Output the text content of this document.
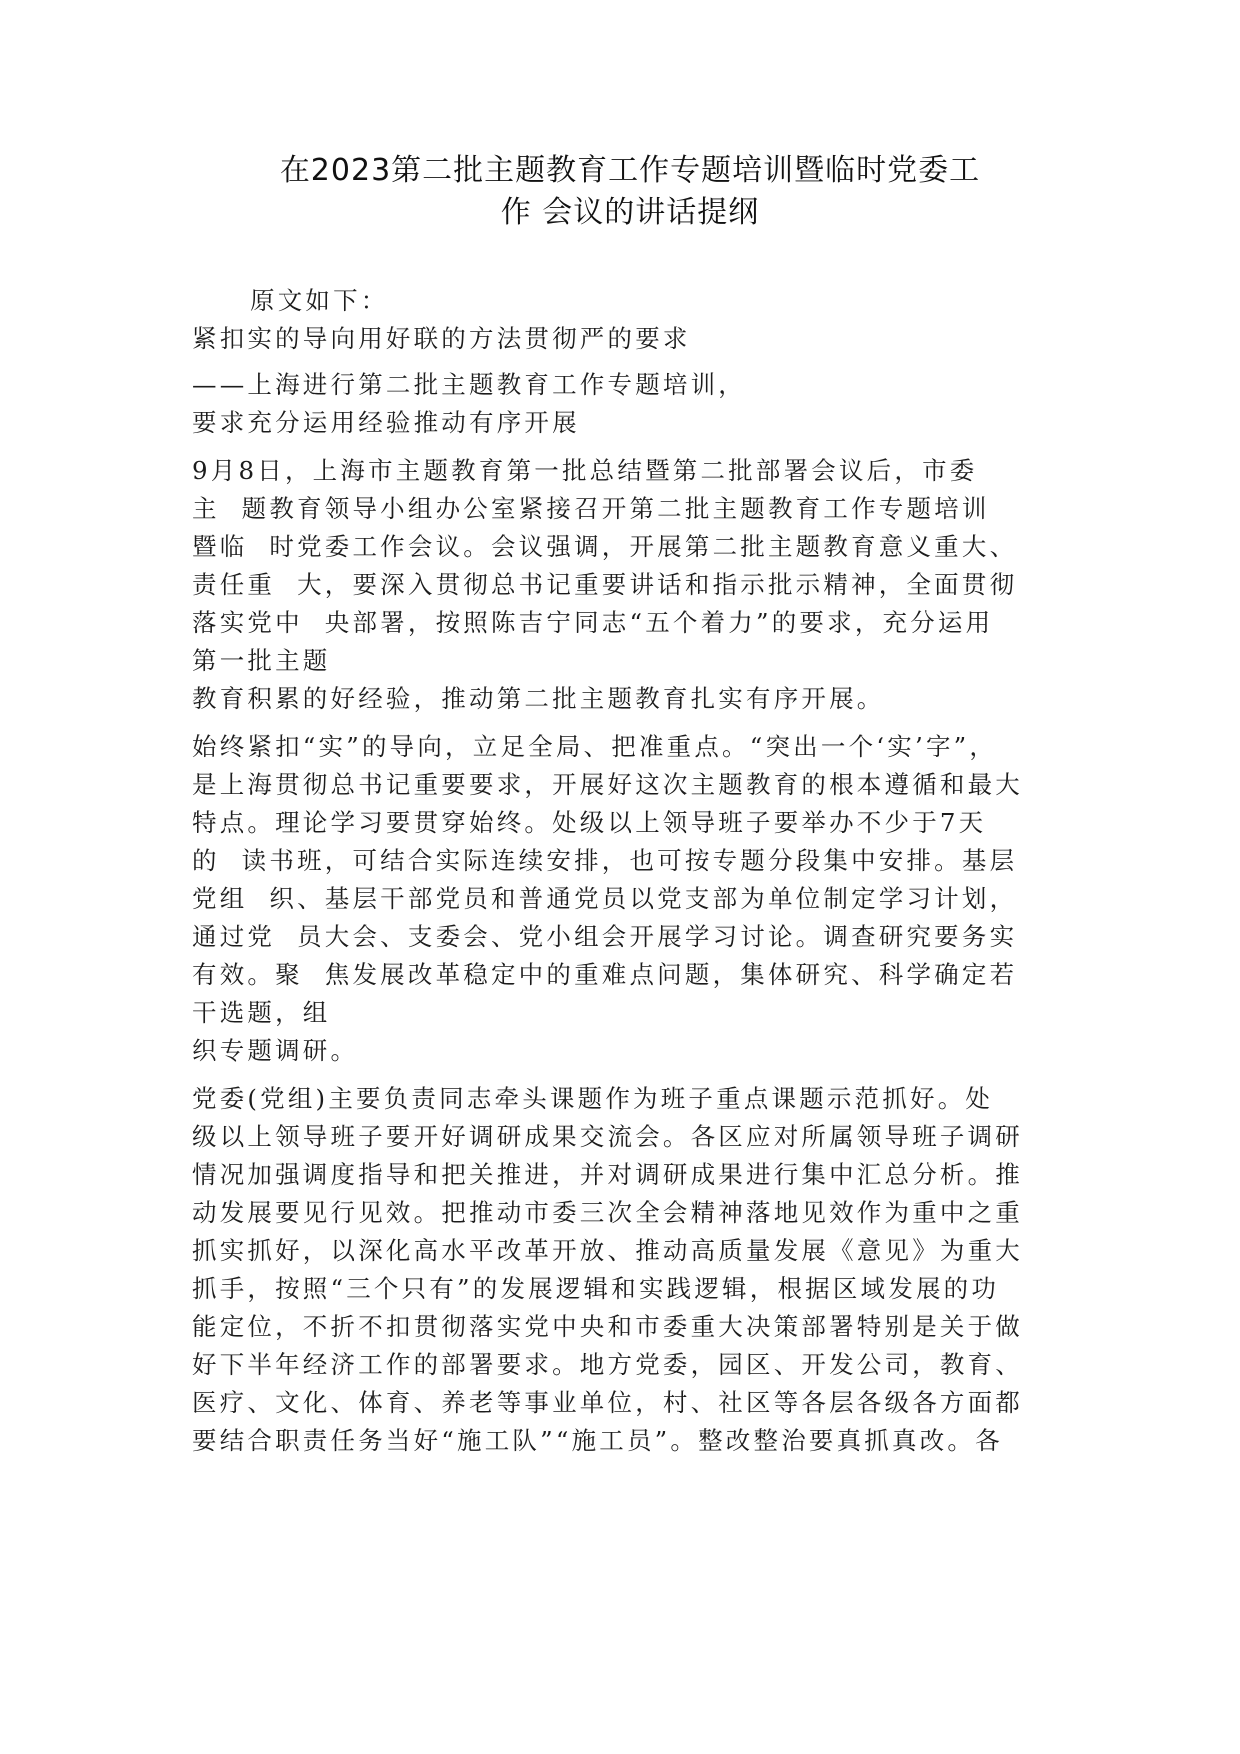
在2023第二批主题教育工作专题培训暨临时党委工
作 会议的讲话提纲
原文如下：
紧扣实的导向用好联的方法贯彻严的要求
——上海进行第二批主题教育工作专题培训，
要求充分运用经验推动有序开展
9月8日，上海市主题教育第一批总结暨第二批部署会议后，市委
主  题教育领导小组办公室紧接召开第二批主题教育工作专题培训
暨临  时党委工作会议。会议强调，开展第二批主题教育意义重大、
责任重  大，要深入贯彻总书记重要讲话和指示批示精神，全面贯彻
落实党中  央部署，按照陈吉宁同志“五个着力”的要求，充分运用
第一批主题
教育积累的好经验，推动第二批主题教育扎实有序开展。
始终紧扣“实”的导向，立足全局、把准重点。“突出一个‘实’字”，
是上海贯彻总书记重要要求，开展好这次主题教育的根本遵循和最大
特点。理论学习要贯穿始终。处级以上领导班子要举办不少于7天
的  读书班，可结合实际连续安排，也可按专题分段集中安排。基层
党组  织、基层干部党员和普通党员以党支部为单位制定学习计划，
通过党  员大会、支委会、党小组会开展学习讨论。调查研究要务实
有效。聚  焦发展改革稳定中的重难点问题，集体研究、科学确定若
干选题，组
织专题调研。
党委(党组)主要负责同志牵头课题作为班子重点课题示范抓好。处
级以上领导班子要开好调研成果交流会。各区应对所属领导班子调研
情况加强调度指导和把关推进，并对调研成果进行集中汇总分析。推
动发展要见行见效。把推动市委三次全会精神落地见效作为重中之重
抓实抓好，以深化高水平改革开放、推动高质量发展《意见》为重大
抓手，按照“三个只有”的发展逻辑和实践逻辑，根据区域发展的功
能定位，不折不扣贯彻落实党中央和市委重大决策部署特别是关于做
好下半年经济工作的部署要求。地方党委，园区、开发公司，教育、
医疗、文化、体育、养老等事业单位，村、社区等各层各级各方面都
要结合职责任务当好“施工队”“施工员”。整改整治要真抓真改。各
